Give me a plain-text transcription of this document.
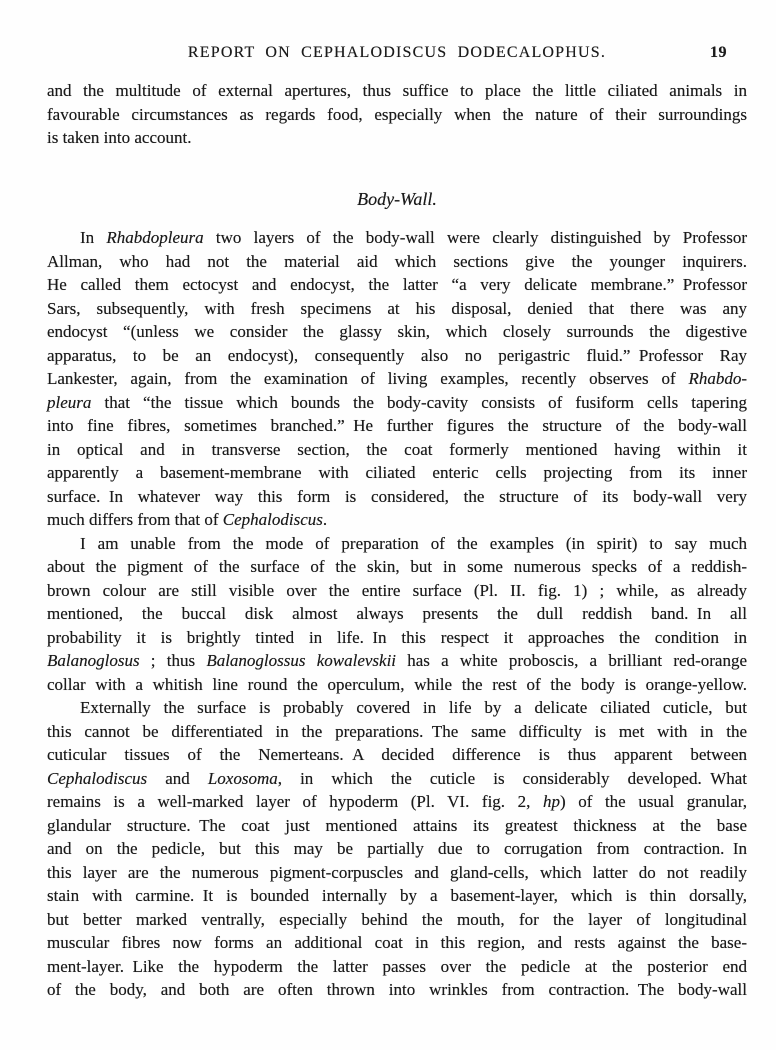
REPORT ON CEPHALODISCUS DODECALOPHUS.	19
and the multitude of external apertures, thus suffice to place the little ciliated animals in
favourable circumstances as regards food, especially when the nature of their surroundings
is taken into account.
Body-Wall.
In Rhabdopleura two layers of the body-wall were clearly distinguished by Professor
Allman, who had not the material aid which sections give the younger inquirers.
He called them ectocyst and endocyst, the latter “a very delicate membrane.” Professor
Sars, subsequently, with fresh specimens at his disposal, denied that there was any
endocyst “(unless we consider the glassy skin, which closely surrounds the digestive
apparatus, to be an endocyst), consequently also no perigastric fluid.” Professor Ray
Lankester, again, from the examination of living examples, recently observes of Rhabdo-
pleura that “the tissue which bounds the body-cavity consists of fusiform cells tapering
into fine fibres, sometimes branched.” He further figures the structure of the body-wall
in optical and in transverse section, the coat formerly mentioned having within it
apparently a basement-membrane with ciliated enteric cells projecting from its inner
surface. In whatever way this form is considered, the structure of its body-wall very
much differs from that of Cephalodiscus.
I am unable from the mode of preparation of the examples (in spirit) to say much
about the pigment of the surface of the skin, but in some numerous specks of a reddish-
brown colour are still visible over the entire surface (Pl. II. fig. 1) ; while, as already
mentioned, the buccal disk almost always presents the dull reddish band. In all
probability it is brightly tinted in life. In this respect it approaches the condition in
Balanoglosus ; thus Balanoglossus kowalevskii has a white proboscis, a brilliant red-orange
collar with a whitish line round the operculum, while the rest of the body is orange-yellow.
Externally the surface is probably covered in life by a delicate ciliated cuticle, but
this cannot be differentiated in the preparations. The same difficulty is met with in the
cuticular tissues of the Nemerteans. A decided difference is thus apparent between
Cephalodiscus and Loxosoma, in which the cuticle is considerably developed. What
remains is a well-marked layer of hypoderm (Pl. VI. fig. 2, hp) of the usual granular,
glandular structure. The coat just mentioned attains its greatest thickness at the base
and on the pedicle, but this may be partially due to corrugation from contraction. In
this layer are the numerous pigment-corpuscles and gland-cells, which latter do not readily
stain with carmine. It is bounded internally by a basement-layer, which is thin dorsally,
but better marked ventrally, especially behind the mouth, for the layer of longitudinal
muscular fibres now forms an additional coat in this region, and rests against the base-
ment-layer. Like the hypoderm the latter passes over the pedicle at the posterior end
of the body, and both are often thrown into wrinkles from contraction. The body-wall
